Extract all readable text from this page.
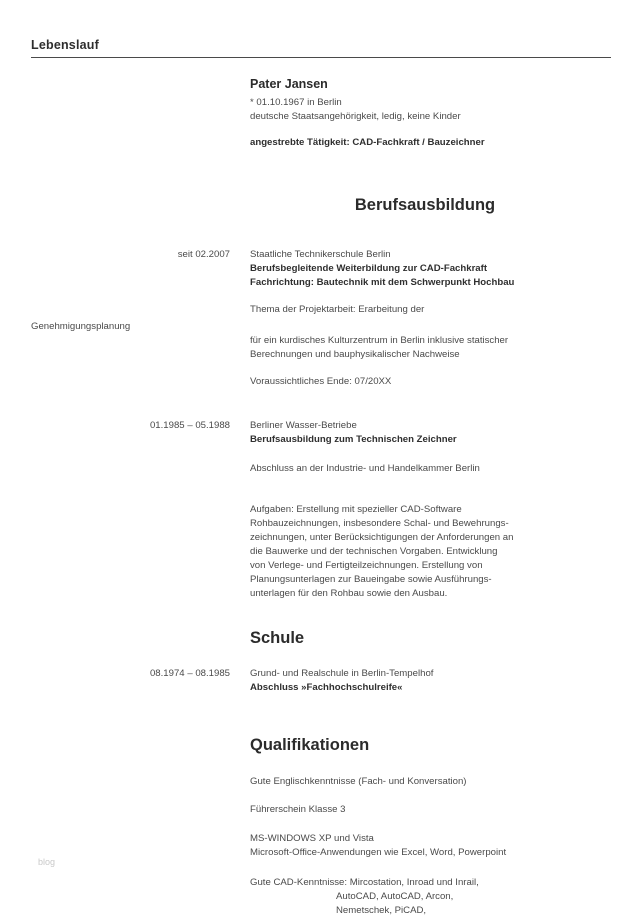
Lebenslauf
Pater Jansen
* 01.10.1967 in Berlin
deutsche Staatsangehörigkeit, ledig, keine Kinder
angestrebte Tätigkeit: CAD-Fachkraft / Bauzeichner
Berufsausbildung
seit 02.2007 Staatliche Technikerschule Berlin
Berufsbegleitende Weiterbildung zur CAD-Fachkraft
Fachrichtung: Bautechnik mit dem Schwerpunkt Hochbau
Thema der Projektarbeit: Erarbeitung der
Genehmigungsplanung
für ein kurdisches Kulturzentrum in Berlin inklusive statischer
Berechnungen und bauphysikalischer Nachweise
Voraussichtliches Ende: 07/20XX
01.1985 – 05.1988 Berliner Wasser-Betriebe
Berufsausbildung zum Technischen Zeichner
Abschluss an der Industrie- und Handelkammer Berlin
Aufgaben: Erstellung mit spezieller CAD-Software
Rohbauzeichnungen, insbesondere Schal- und Bewehrungs-
zeichnungen, unter Berücksichtigungen der Anforderungen an
die Bauwerke und der technischen Vorgaben. Entwicklung
von Verlege- und Fertigteilzeichnungen. Erstellung von
Planungsunterlagen zur Baueingabe sowie Ausführungs-
unterlagen für den Rohbau sowie den Ausbau.
Schule
08.1974 – 08.1985 Grund- und Realschule in Berlin-Tempelhof
Abschluss »Fachhochschulreife«
Qualifikationen
Gute Englischkenntnisse (Fach- und Konversation)
Führerschein Klasse 3
MS-WINDOWS XP und Vista
Microsoft-Office-Anwendungen wie Excel, Word, Powerpoint
Gute CAD-Kenntnisse: Mircostation, Inroad und Inrail,
AutoCAD, AutoCAD, Arcon,
Nemetschek, PiCAD,
blog
